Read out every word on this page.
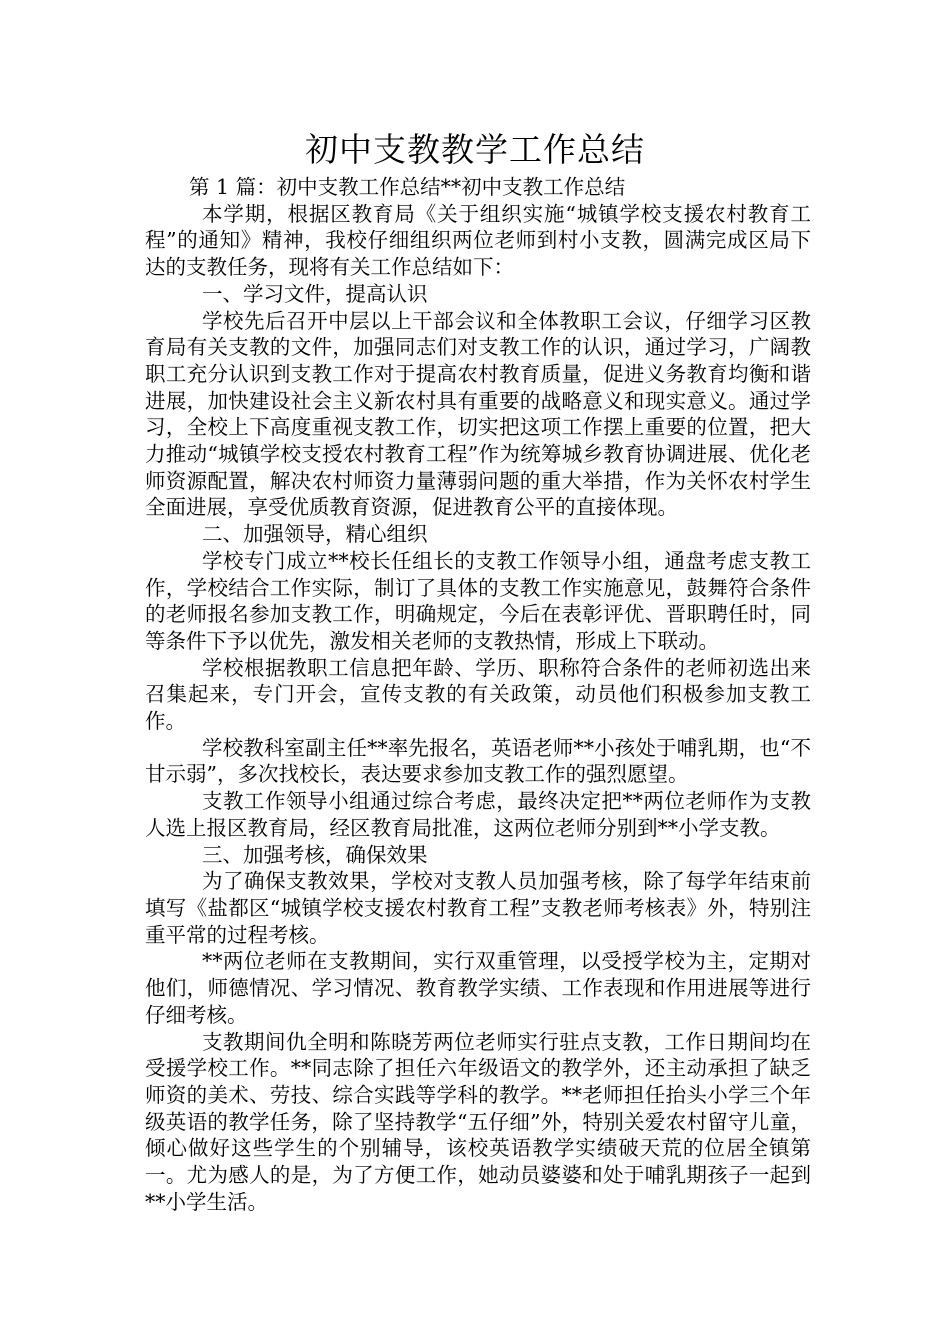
初中支教教学工作总结

第 1 篇：初中支教工作总结**初中支教工作总结

本学期，根据区教育局《关于组织实施“城镇学校支援农村教育工程”的通知》精神，我校仔细组织两位老师到村小支教，圆满完成区局下达的支教任务，现将有关工作总结如下：

一、学习文件，提高认识

学校先后召开中层以上干部会议和全体教职工会议，仔细学习区教育局有关支教的文件，加强同志们对支教工作的认识，通过学习，广阔教职工充分认识到支教工作对于提高农村教育质量，促进义务教育均衡和谐进展，加快建设社会主义新农村具有重要的战略意义和现实意义。通过学习，全校上下高度重视支教工作，切实把这项工作摆上重要的位置，把大力推动“城镇学校支授农村教育工程”作为统筹城乡教育协调进展、优化老师资源配置，解决农村师资力量薄弱问题的重大举措，作为关怀农村学生全面进展，享受优质教育资源，促进教育公平的直接体现。

二、加强领导，精心组织

学校专门成立**校长任组长的支教工作领导小组，通盘考虑支教工作，学校结合工作实际，制订了具体的支教工作实施意见，鼓舞符合条件的老师报名参加支教工作，明确规定，今后在表彰评优、晋职聘任时，同等条件下予以优先，激发相关老师的支教热情，形成上下联动。

学校根据教职工信息把年龄、学历、职称符合条件的老师初选出来召集起来，专门开会，宣传支教的有关政策，动员他们积极参加支教工作。

学校教科室副主任**率先报名，英语老师**小孩处于哺乳期，也“不甘示弱”，多次找校长，表达要求参加支教工作的强烈愿望。

支教工作领导小组通过综合考虑，最终决定把**两位老师作为支教人选上报区教育局，经区教育局批准，这两位老师分别到**小学支教。

三、加强考核，确保效果

为了确保支教效果，学校对支教人员加强考核，除了每学年结束前填写《盐都区“城镇学校支援农村教育工程”支教老师考核表》外，特别注重平常的过程考核。

**两位老师在支教期间，实行双重管理，以受授学校为主，定期对他们，师德情况、学习情况、教育教学实绩、工作表现和作用进展等进行仔细考核。

支教期间仇全明和陈晓芳两位老师实行驻点支教，工作日期间均在受援学校工作。**同志除了担任六年级语文的教学外，还主动承担了缺乏师资的美术、劳技、综合实践等学科的教学。**老师担任抬头小学三个年级英语的教学任务，除了坚持教学“五仔细”外，特别关爱农村留守儿童，倾心做好这些学生的个别辅导，该校英语教学实绩破天荒的位居全镇第一。尤为感人的是，为了方便工作，她动员婆婆和处于哺乳期孩子一起到**小学生活。
